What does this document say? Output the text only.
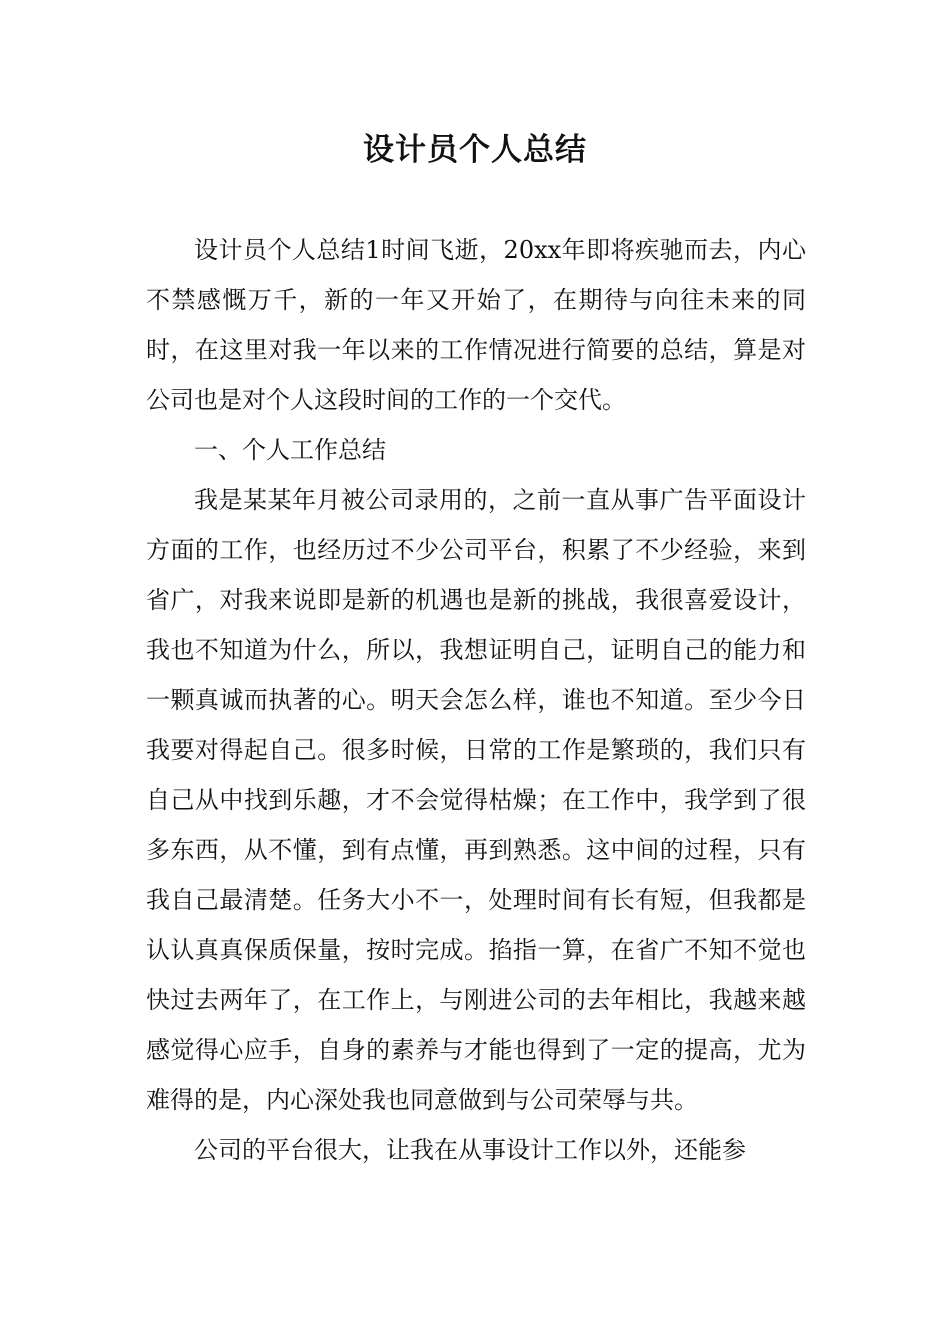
设计员个人总结

设计员个人总结1时间飞逝，20xx年即将疾驰而去，内心不禁感慨万千，新的一年又开始了，在期待与向往未来的同时，在这里对我一年以来的工作情况进行简要的总结，算是对公司也是对个人这段时间的工作的一个交代。

一、个人工作总结

我是某某年月被公司录用的，之前一直从事广告平面设计方面的工作，也经历过不少公司平台，积累了不少经验，来到省广，对我来说即是新的机遇也是新的挑战，我很喜爱设计，我也不知道为什么，所以，我想证明自己，证明自己的能力和一颗真诚而执著的心。明天会怎么样，谁也不知道。至少今日我要对得起自己。很多时候，日常的工作是繁琐的，我们只有自己从中找到乐趣，才不会觉得枯燥；在工作中，我学到了很多东西，从不懂，到有点懂，再到熟悉。这中间的过程，只有我自己最清楚。任务大小不一，处理时间有长有短，但我都是认认真真保质保量，按时完成。掐指一算，在省广不知不觉也快过去两年了，在工作上，与刚进公司的去年相比，我越来越感觉得心应手，自身的素养与才能也得到了一定的提高，尤为难得的是，内心深处我也同意做到与公司荣辱与共。

公司的平台很大，让我在从事设计工作以外，还能参
